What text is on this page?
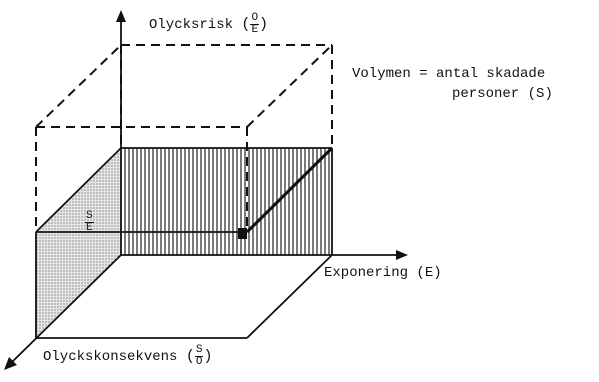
Olycksrisk ( $\frac{O}{E}$ )
Volymen = antal skadade
personer (S)
Exponering (E)
Olyckskonsekvens ( $\frac{S}{O}$ )
$\frac{S}{E}$
